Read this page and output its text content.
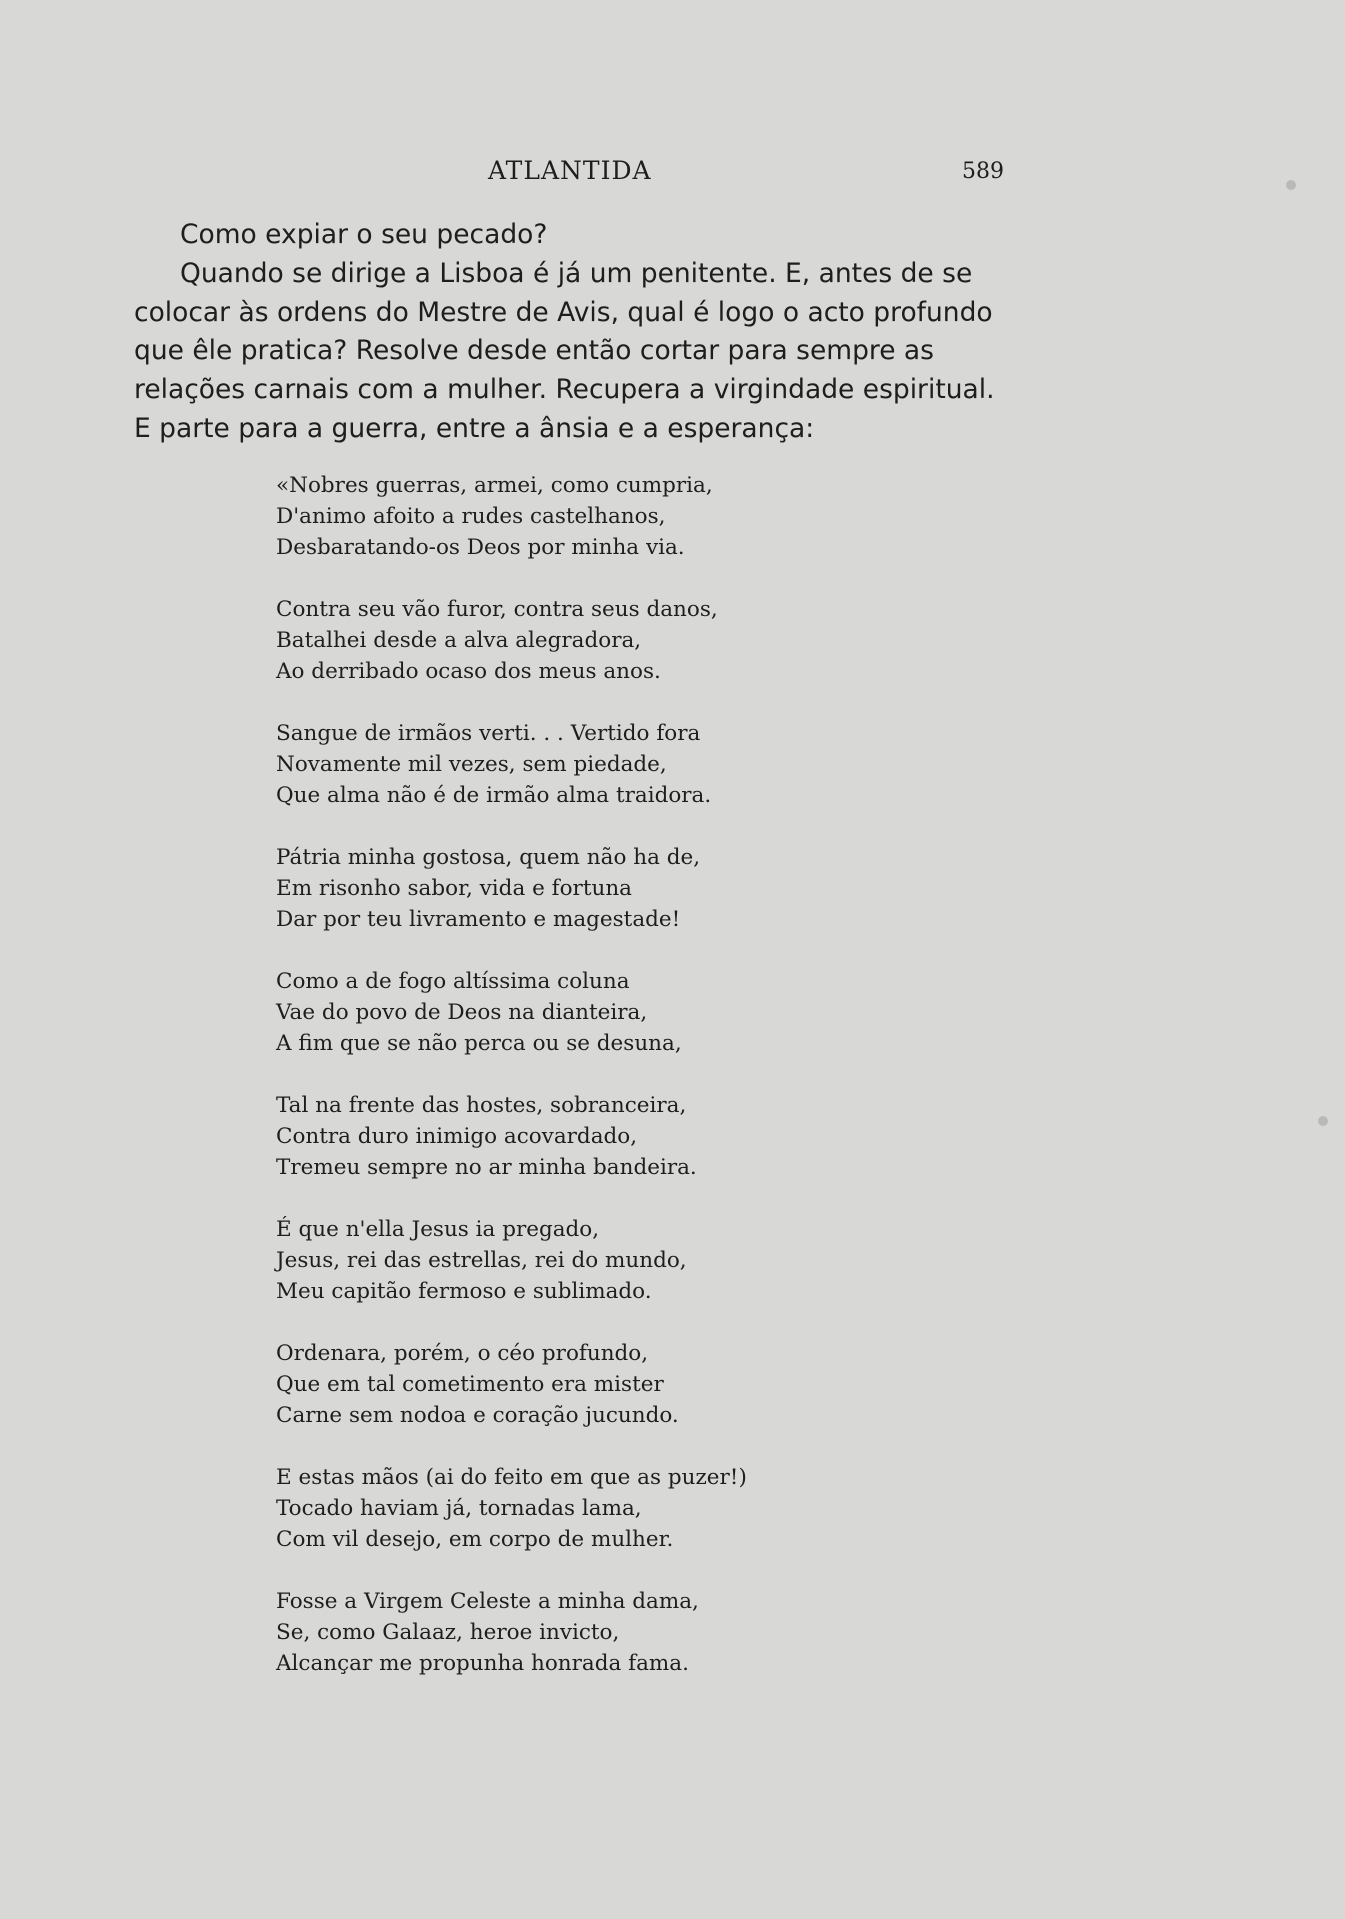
ATLANTIDA	589
Como expiar o seu pecado?
Quando se dirige a Lisboa é já um penitente. E, antes de se
colocar às ordens do Mestre de Avis, qual é logo o acto profundo
que êle pratica? Resolve desde então cortar para sempre as
relações carnais com a mulher. Recupera a virgindade espiritual.
E parte para a guerra, entre a ânsia e a esperança:
«Nobres guerras, armei, como cumpria,
D'animo afoito a rudes castelhanos,
Desbaratando-os Deos por minha via.
Contra seu vão furor, contra seus danos,
Batalhei desde a alva alegradora,
Ao derribado ocaso dos meus anos.
Sangue de irmãos verti. . . Vertido fora
Novamente mil vezes, sem piedade,
Que alma não é de irmão alma traidora.
Pátria minha gostosa, quem não ha de,
Em risonho sabor, vida e fortuna
Dar por teu livramento e magestade!
Como a de fogo altíssima coluna
Vae do povo de Deos na dianteira,
A fim que se não perca ou se desuna,
Tal na frente das hostes, sobranceira,
Contra duro inimigo acovardado,
Tremeu sempre no ar minha bandeira.
É que n'ella Jesus ia pregado,
Jesus, rei das estrellas, rei do mundo,
Meu capitão fermoso e sublimado.
Ordenara, porém, o céo profundo,
Que em tal cometimento era mister
Carne sem nodoa e coração jucundo.
E estas mãos (ai do feito em que as puzer!)
Tocado haviam já, tornadas lama,
Com vil desejo, em corpo de mulher.
Fosse a Virgem Celeste a minha dama,
Se, como Galaaz, heroe invicto,
Alcançar me propunha honrada fama.
